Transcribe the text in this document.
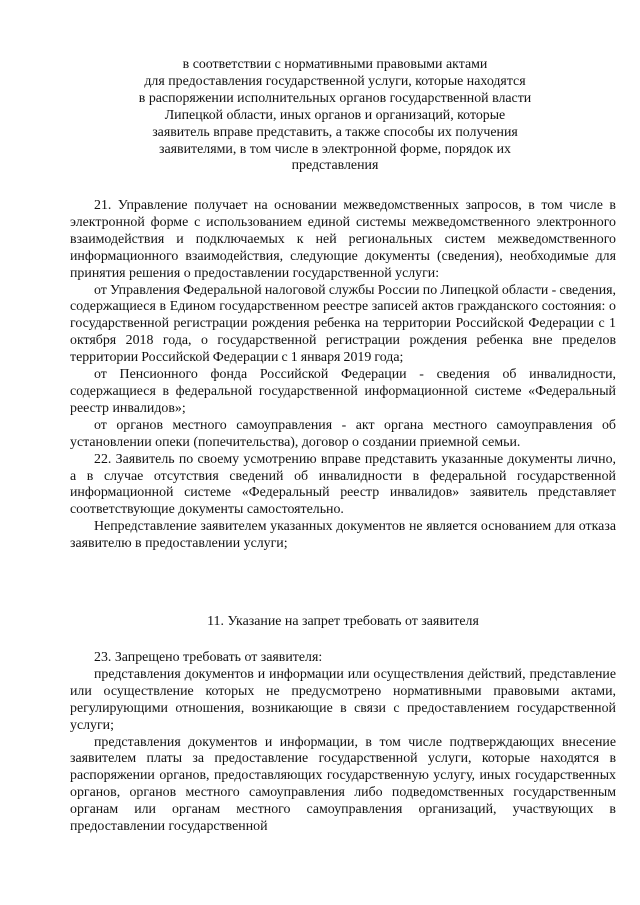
в соответствии с нормативными правовыми актами
для предоставления государственной услуги, которые находятся
в распоряжении исполнительных органов государственной власти
Липецкой области, иных органов и организаций, которые
заявитель вправе представить, а также способы их получения
заявителями, в том числе в электронной форме, порядок их
представления

21. Управление получает на основании межведомственных запросов, в том числе в электронной форме с использованием единой системы межведомственного электронного взаимодействия и подключаемых к ней региональных систем межведомственного информационного взаимодействия, следующие документы (сведения), необходимые для принятия решения о предоставлении государственной услуги:

от Управления Федеральной налоговой службы России по Липецкой области - сведения, содержащиеся в Едином государственном реестре записей актов гражданского состояния: о государственной регистрации рождения ребенка на территории Российской Федерации с 1 октября 2018 года, о государственной регистрации рождения ребенка вне пределов территории Российской Федерации с 1 января 2019 года;

от Пенсионного фонда Российской Федерации - сведения об инвалидности, содержащиеся в федеральной государственной информационной системе «Федеральный реестр инвалидов»;

от органов местного самоуправления - акт органа местного самоуправления об установлении опеки (попечительства), договор о создании приемной семьи.

22. Заявитель по своему усмотрению вправе представить указанные документы лично, а в случае отсутствия сведений об инвалидности в федеральной государственной информационной системе «Федеральный реестр инвалидов» заявитель представляет соответствующие документы самостоятельно.

Непредставление заявителем указанных документов не является основанием для отказа заявителю в предоставлении услуги;

11. Указание на запрет требовать от заявителя

23. Запрещено требовать от заявителя:

представления документов и информации или осуществления действий, представление или осуществление которых не предусмотрено нормативными правовыми актами, регулирующими отношения, возникающие в связи с предоставлением государственной услуги;

представления документов и информации, в том числе подтверждающих внесение заявителем платы за предоставление государственной услуги, которые находятся в распоряжении органов, предоставляющих государственную услугу, иных государственных органов, органов местного самоуправления либо подведомственных государственным органам или органам местного самоуправления организаций, участвующих в предоставлении государственной
